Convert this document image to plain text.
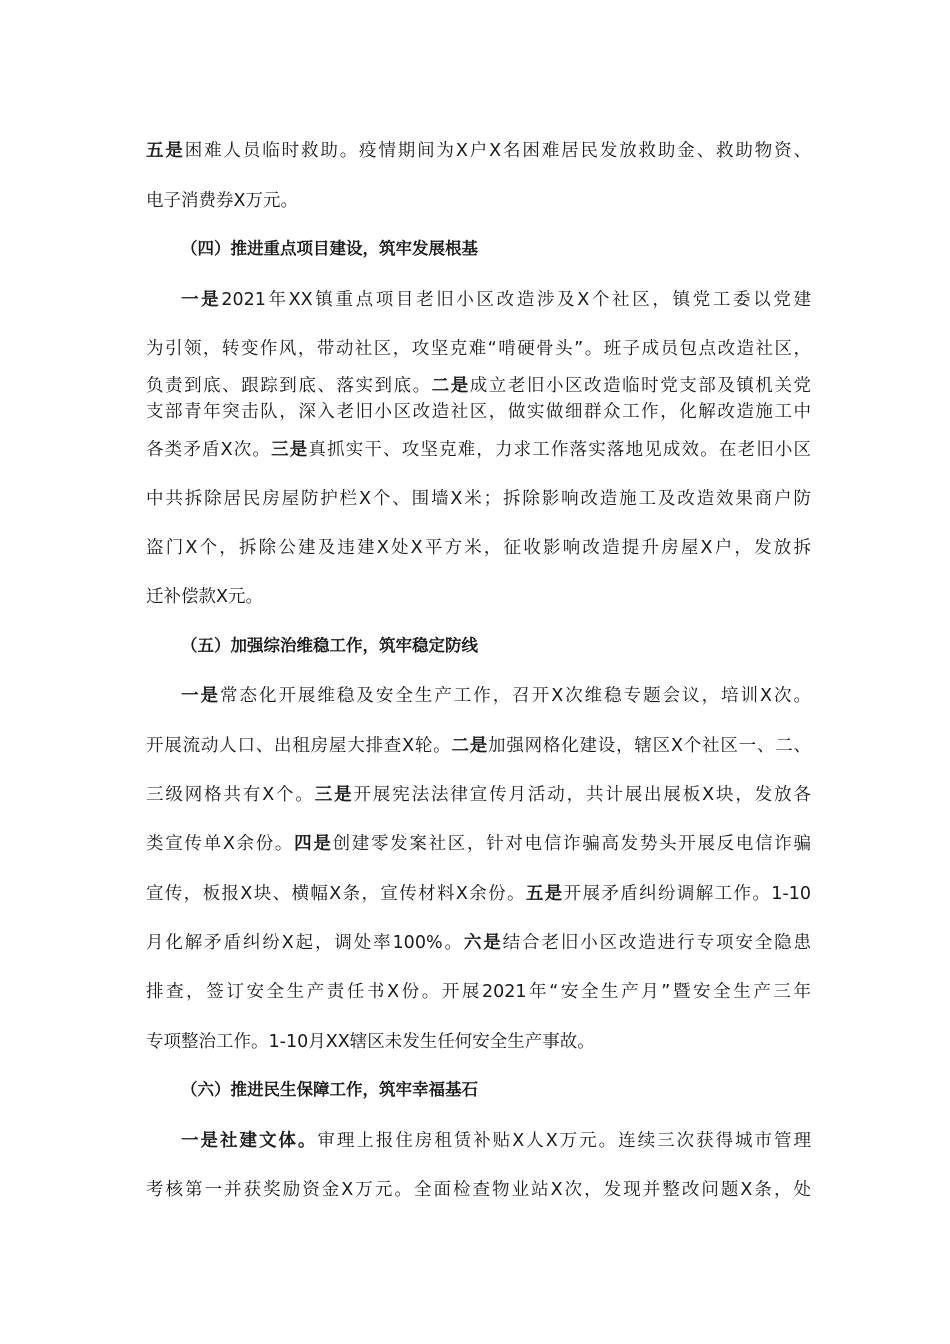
五是困难人员临时救助。疫情期间为X户X名困难居民发放救助金、救助物资、
电子消费券X万元。
（四）推进重点项目建设，筑牢发展根基
一是2021年XX镇重点项目老旧小区改造涉及X个社区，镇党工委以党建
为引领，转变作风，带动社区，攻坚克难“啃硬骨头”。班子成员包点改造社区，
负责到底、跟踪到底、落实到底。二是成立老旧小区改造临时党支部及镇机关党
支部青年突击队，深入老旧小区改造社区，做实做细群众工作，化解改造施工中
各类矛盾X次。三是真抓实干、攻坚克难，力求工作落实落地见成效。在老旧小区
中共拆除居民房屋防护栏X个、围墙X米；拆除影响改造施工及改造效果商户防
盗门X个，拆除公建及违建X处X平方米，征收影响改造提升房屋X户，发放拆
迁补偿款X元。
（五）加强综治维稳工作，筑牢稳定防线
一是常态化开展维稳及安全生产工作，召开X次维稳专题会议，培训X次。
开展流动人口、出租房屋大排查X轮。二是加强网格化建设，辖区X个社区一、二、
三级网格共有X个。三是开展宪法法律宣传月活动，共计展出展板X块，发放各
类宣传单X余份。四是创建零发案社区，针对电信诈骗高发势头开展反电信诈骗
宣传，板报X块、横幅X条，宣传材料X余份。五是开展矛盾纠纷调解工作。1-10
月化解矛盾纠纷X起，调处率100%。六是结合老旧小区改造进行专项安全隐患
排查，签订安全生产责任书X份。开展2021年“安全生产月”暨安全生产三年
专项整治工作。1-10月XX辖区未发生任何安全生产事故。
（六）推进民生保障工作，筑牢幸福基石
一是社建文体。审理上报住房租赁补贴X人X万元。连续三次获得城市管理
考核第一并获奖励资金X万元。全面检查物业站X次，发现并整改问题X条，处
